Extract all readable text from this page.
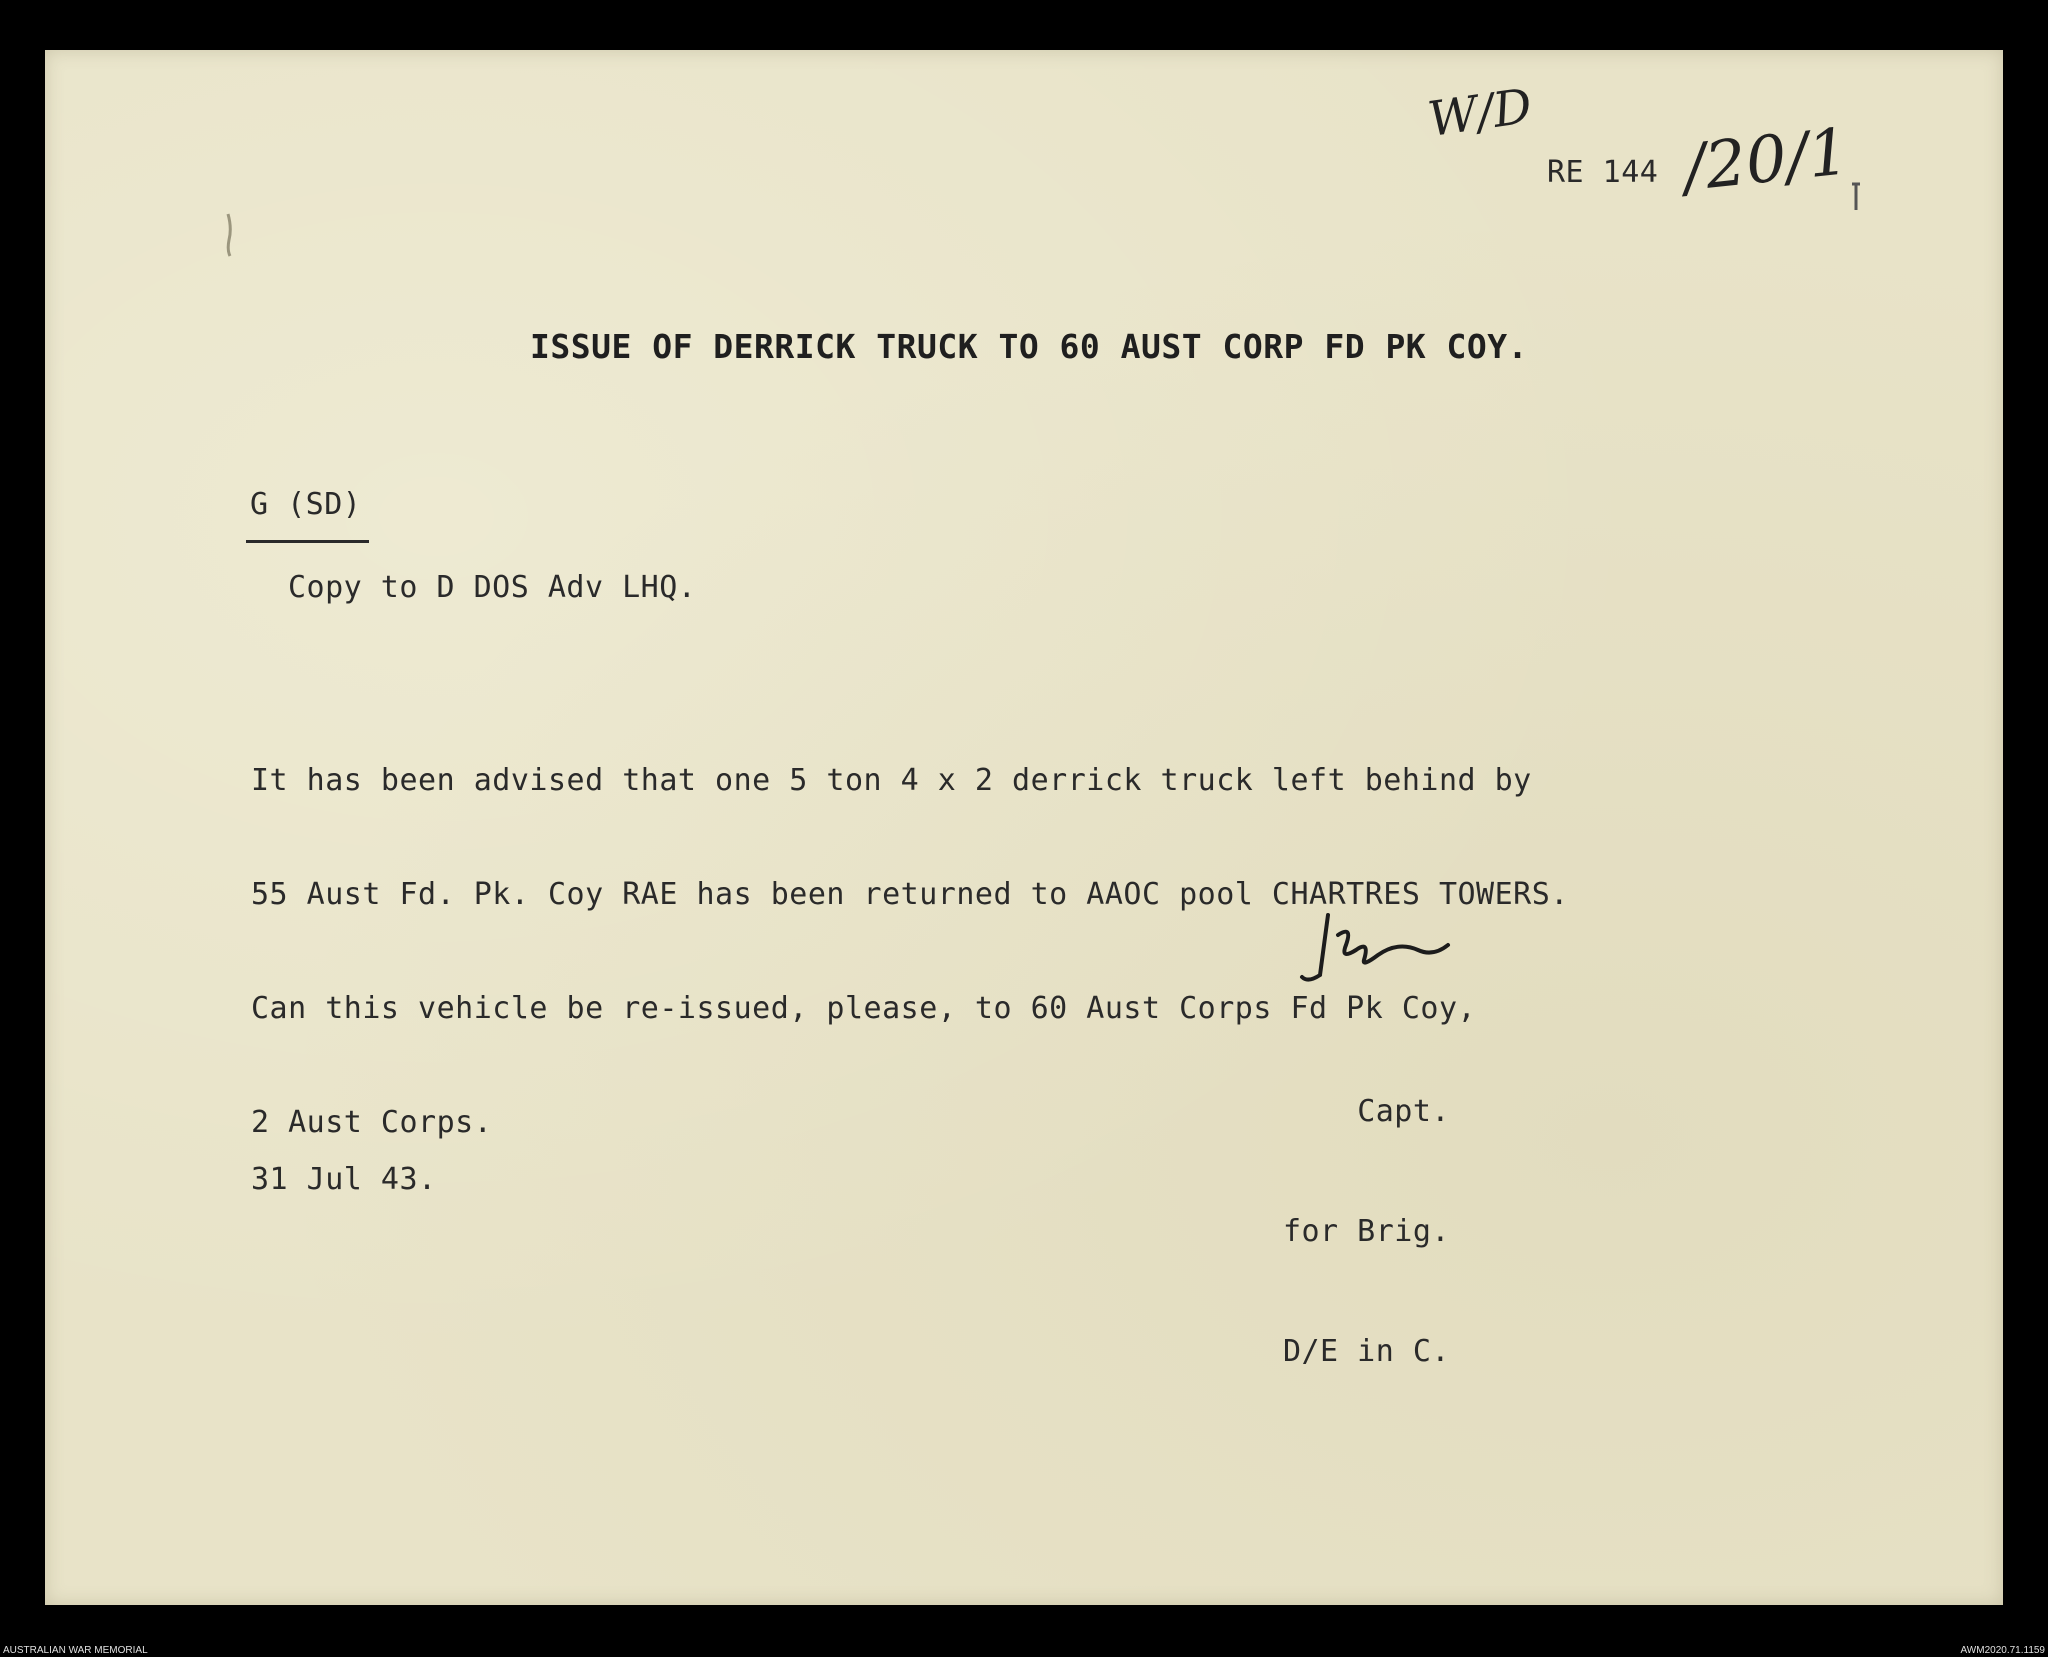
W/D

RE 144 /20/1

ISSUE OF DERRICK TRUCK TO 60 AUST CORP FD PK COY.

G (SD)

Copy to D DOS Adv LHQ.

It has been advised that one 5 ton 4 x 2 derrick truck left behind by

55 Aust Fd. Pk. Coy RAE has been returned to AAOC pool CHARTRES TOWERS.

Can this vehicle be re-issued, please, to 60 Aust Corps Fd Pk Coy,

2 Aust Corps.

	Capt.

for Brig.

D/E in C.

31 Jul 43.

AUSTRALIAN WAR MEMORIAL	AWM2020.71.1159
